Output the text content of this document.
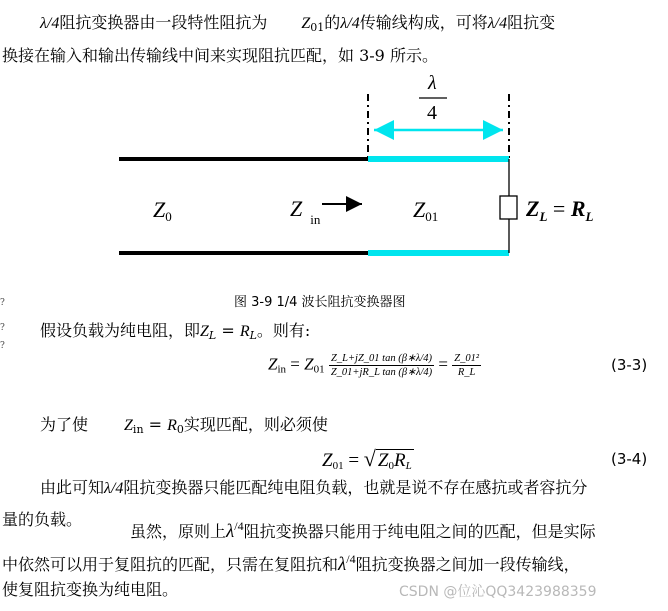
λ/4阻抗变换器由一段特性阻抗为 $Z_{01}$的λ/4传输线构成，可将λ/4阻抗变
换接在输入和输出传输线中间来实现阻抗匹配，如 3-9 所示。
λ
4
Z0	Z $_{in}$	Z01	$Z_L = R_L$
图 3-9 1/4 波长阻抗变换器图
?
?
?
假设负载为纯电阻，即$Z_L = R_L$。则有:
$Z_{in} = Z_{01} \frac{Z\_L+jZ\_01 \tan (\beta∗\lambda/4)}{\text{Z\_01+jR\_L tan (β∗λ/4)}} = \frac{\text{Z\_01²}}{R\_L}$	(3-3)
为了使 $Z_{in} = R_0$实现匹配，则必须使
$Z_{01}$ = √ $Z_0R_L$	(3-4)
由此可知λ/4阻抗变换器只能匹配纯电阻负载，也就是说不存在感抗或者容抗分
量的负载。
虽然，原则上$\lambda^{/4}$阻抗变换器只能用于纯电阻之间的匹配，但是实际
中依然可以用于复阻抗的匹配，只需在复阻抗和$\lambda^{/4}$阻抗变换器之间加一段传输线，
使复阻抗变换为纯电阻。	CSDN @位沁QQ3423988359
